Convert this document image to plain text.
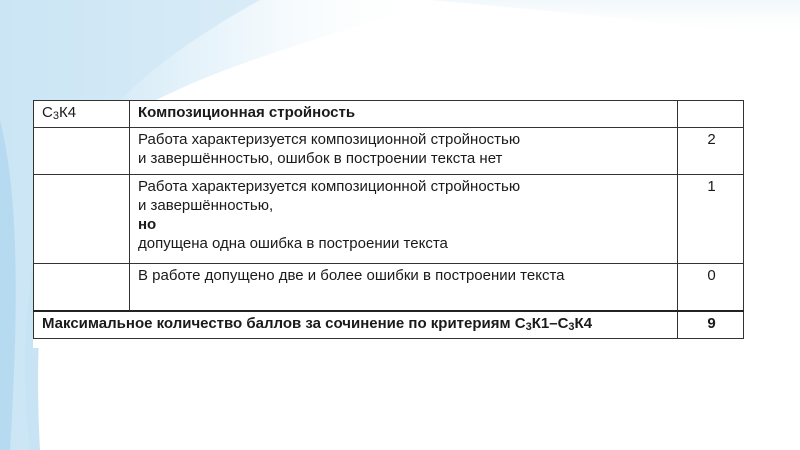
$С_3К4$	Композиционная стройность	

	Работа характеризуется композиционной стройностью
и завершённостью, ошибок в построении текста нет	2

	Работа характеризуется композиционной стройностью
и завершённостью,
но
допущена одна ошибка в построении текста	1

	В работе допущено две и более ошибки в построении текста	0
Максимальное количество баллов за сочинение по критериям $С_3К1-С_3К4$		9
